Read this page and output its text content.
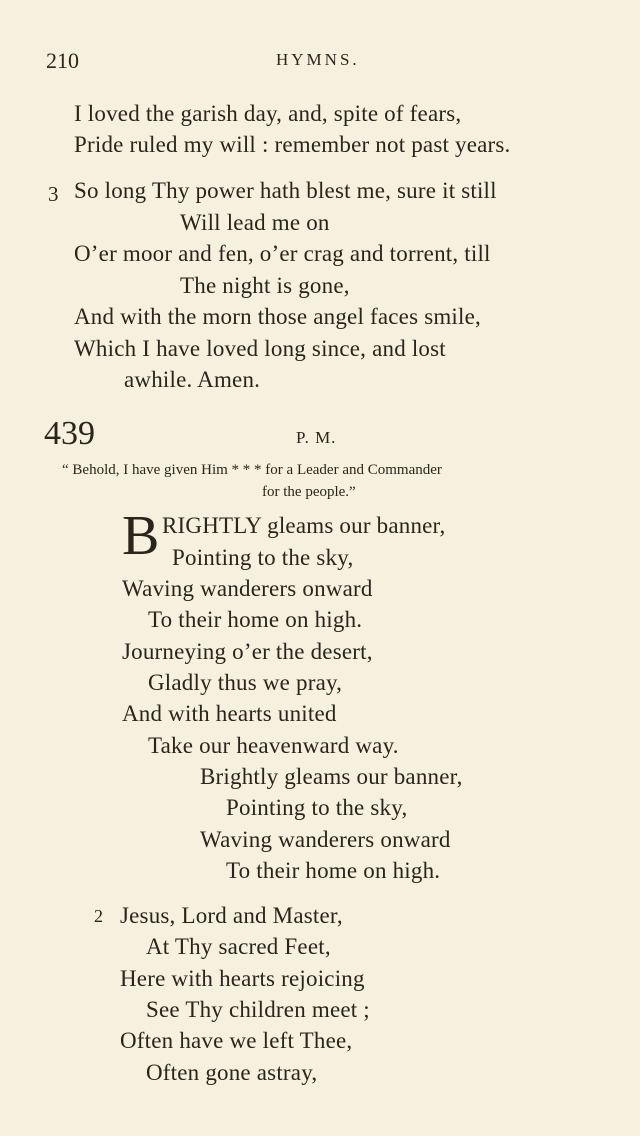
210	HYMNS.
I loved the garish day, and, spite of fears,
Pride ruled my will : remember not past years.
3 So long Thy power hath blest me, sure it still
Will lead me on
O’er moor and fen, o’er crag and torrent, till
The night is gone,
And with the morn those angel faces smile,
Which I have loved long since, and lost
awhile. Amen.
439	P. M.
“ Behold, I have given Him * * * for a Leader and Commander
for the people.”
B RIGHTLY gleams our banner,
Pointing to the sky,
Waving wanderers onward
To their home on high.
Journeying o’er the desert,
Gladly thus we pray,
And with hearts united
Take our heavenward way.
Brightly gleams our banner,
Pointing to the sky,
Waving wanderers onward
To their home on high.
2 Jesus, Lord and Master,
At Thy sacred Feet,
Here with hearts rejoicing
See Thy children meet ;
Often have we left Thee,
Often gone astray,
